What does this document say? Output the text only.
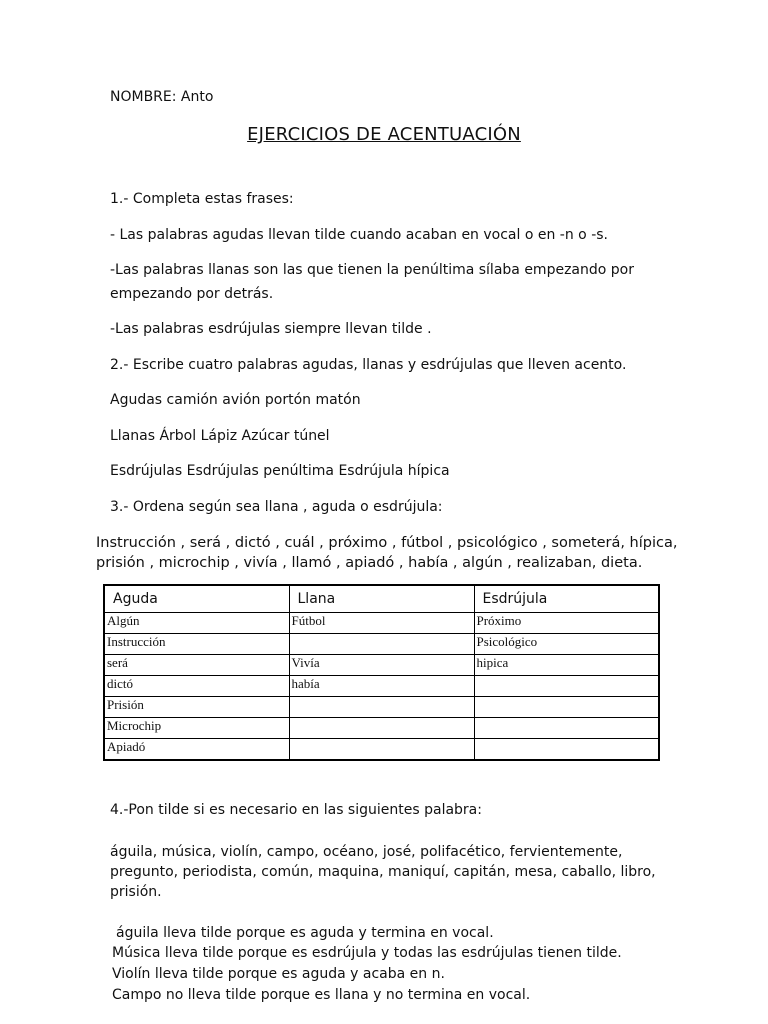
NOMBRE: Anto

EJERCICIOS DE ACENTUACIÓN

1.- Completa estas frases:

- Las palabras agudas llevan tilde cuando acaban en vocal o en -n o -s.

-Las palabras llanas son las que tienen la penúltima sílaba empezando por

empezando por detrás.

-Las palabras esdrújulas siempre llevan tilde .

2.- Escribe cuatro palabras agudas, llanas y esdrújulas que lleven acento.

Agudas camión avión portón matón

Llanas Árbol Lápiz Azúcar túnel

Esdrújulas Esdrújulas penúltima Esdrújula hípica

3.- Ordena según sea llana , aguda o esdrújula:

Instrucción , será , dictó , cuál , próximo , fútbol , psicológico , someterá, hípica,

prisión , microchip , vivía , llamó , apiadó , había , algún , realizaban, dieta.

Aguda	Llana	Esdrújula
Algún	Fútbol	Próximo
Instrucción		Psicológico
será	Vivía	hipica
dictó	había	
Prisión		
Microchip		
Apiadó		

4.-Pon tilde si es necesario en las siguientes palabra:

águila, música, violín, campo, océano, josé, polifacético, fervientemente,

pregunto, periodista, común, maquina, maniquí, capitán, mesa, caballo, libro,

prisión.

águila lleva tilde porque es aguda y termina en vocal.

Música lleva tilde porque es esdrújula y todas las esdrújulas tienen tilde.

Violín lleva tilde porque es aguda y acaba en n.

Campo no lleva tilde porque es llana y no termina en vocal.
